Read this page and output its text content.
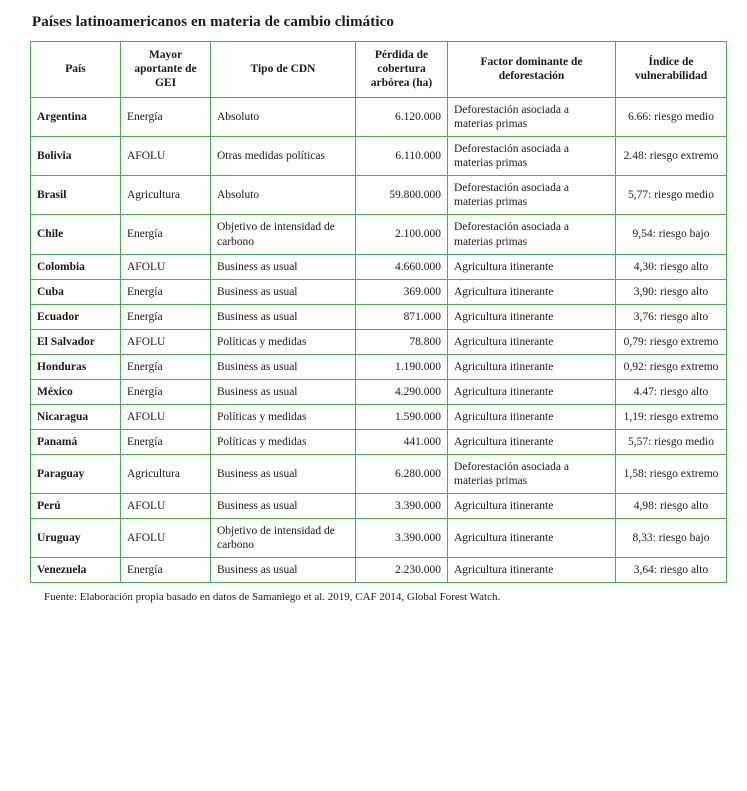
Países latinoamericanos en materia de cambio climático
País	Mayor aportante de GEI	Tipo de CDN	Pérdida de cobertura arbórea (ha)	Factor dominante de deforestación	Índice de vulnerabilidad
Argentina	Energía	Absoluto	6.120.000	Deforestación asociada a materias primas	6.66: riesgo medio
Bolivia	AFOLU	Otras medidas políticas	6.110.000	Deforestación asociada a materias primas	2.48: riesgo extremo
Brasil	Agricultura	Absoluto	59.800.000	Deforestación asociada a materias primas	5,77: riesgo medio
Chile	Energía	Objetivo de intensidad de carbono	2.100.000	Deforestación asociada a materias primas	9,54: riesgo bajo
Colombia	AFOLU	Business as usual	4.660.000	Agricultura itinerante	4,30: riesgo alto
Cuba	Energía	Business as usual	369.000	Agricultura itinerante	3,90: riesgo alto
Ecuador	Energía	Business as usual	871.000	Agricultura itinerante	3,76: riesgo alto
El Salvador	AFOLU	Políticas y medidas	78.800	Agricultura itinerante	0,79: riesgo extremo
Honduras	Energía	Business as usual	1.190.000	Agricultura itinerante	0,92: riesgo extremo
México	Energía	Business as usual	4.290.000	Agricultura itinerante	4.47: riesgo alto
Nicaragua	AFOLU	Políticas y medidas	1.590.000	Agricultura itinerante	1,19: riesgo extremo
Panamá	Energía	Políticas y medidas	441.000	Agricultura itinerante	5,57: riesgo medio
Paraguay	Agricultura	Business as usual	6.280.000	Deforestación asociada a materias primas	1,58: riesgo extremo
Perú	AFOLU	Business as usual	3.390.000	Agricultura itinerante	4,98: riesgo alto
Uruguay	AFOLU	Objetivo de intensidad de carbono	3.390.000	Agricultura itinerante	8,33: riesgo bajo
Venezuela	Energía	Business as usual	2.230.000	Agricultura itinerante	3,64: riesgo alto
Fuente: Elaboración propia basado en datos de Samaniego et al. 2019, CAF 2014, Global Forest Watch.
